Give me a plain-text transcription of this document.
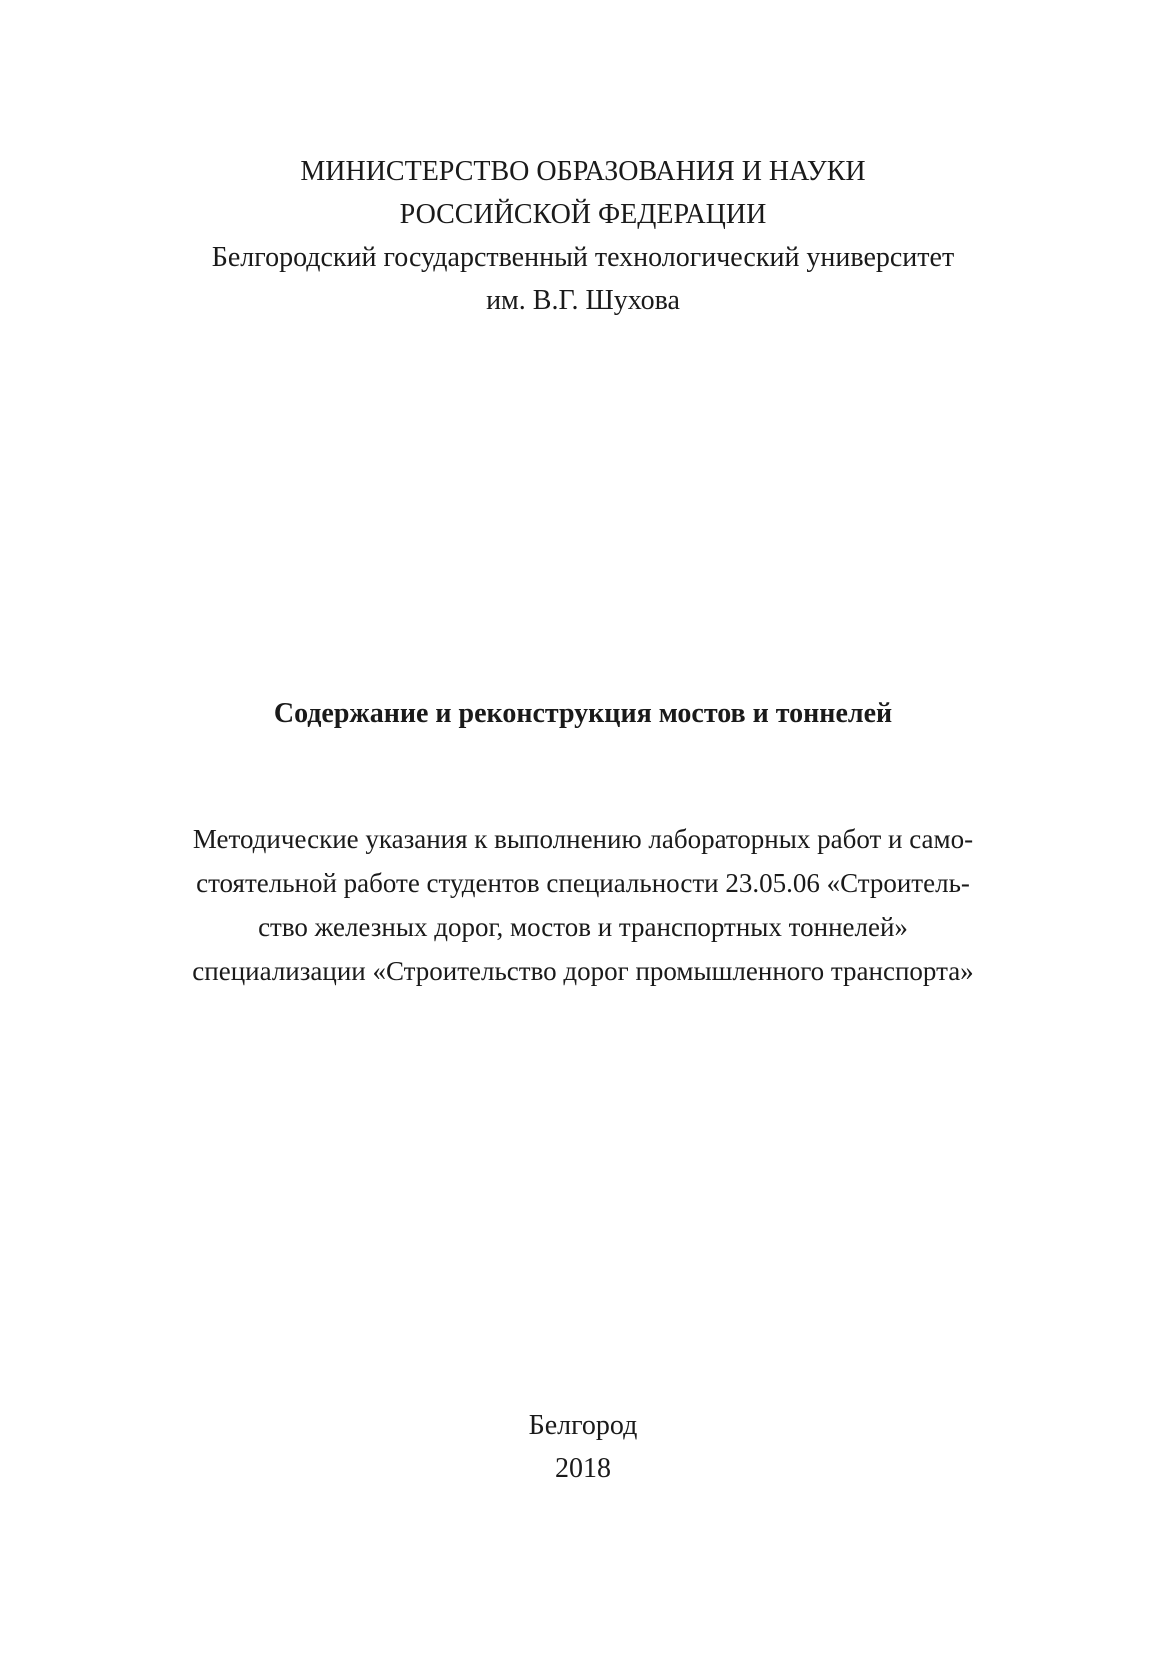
МИНИСТЕРСТВО ОБРАЗОВАНИЯ И НАУКИ
РОССИЙСКОЙ ФЕДЕРАЦИИ
Белгородский государственный технологический университет
им. В.Г. Шухова
Содержание и реконструкция мостов и тоннелей
Методические указания к выполнению лабораторных работ и само-
стоятельной работе студентов специальности 23.05.06 «Строитель-
ство железных дорог, мостов и транспортных тоннелей»
специализации «Строительство дорог промышленного транспорта»
Белгород
2018
